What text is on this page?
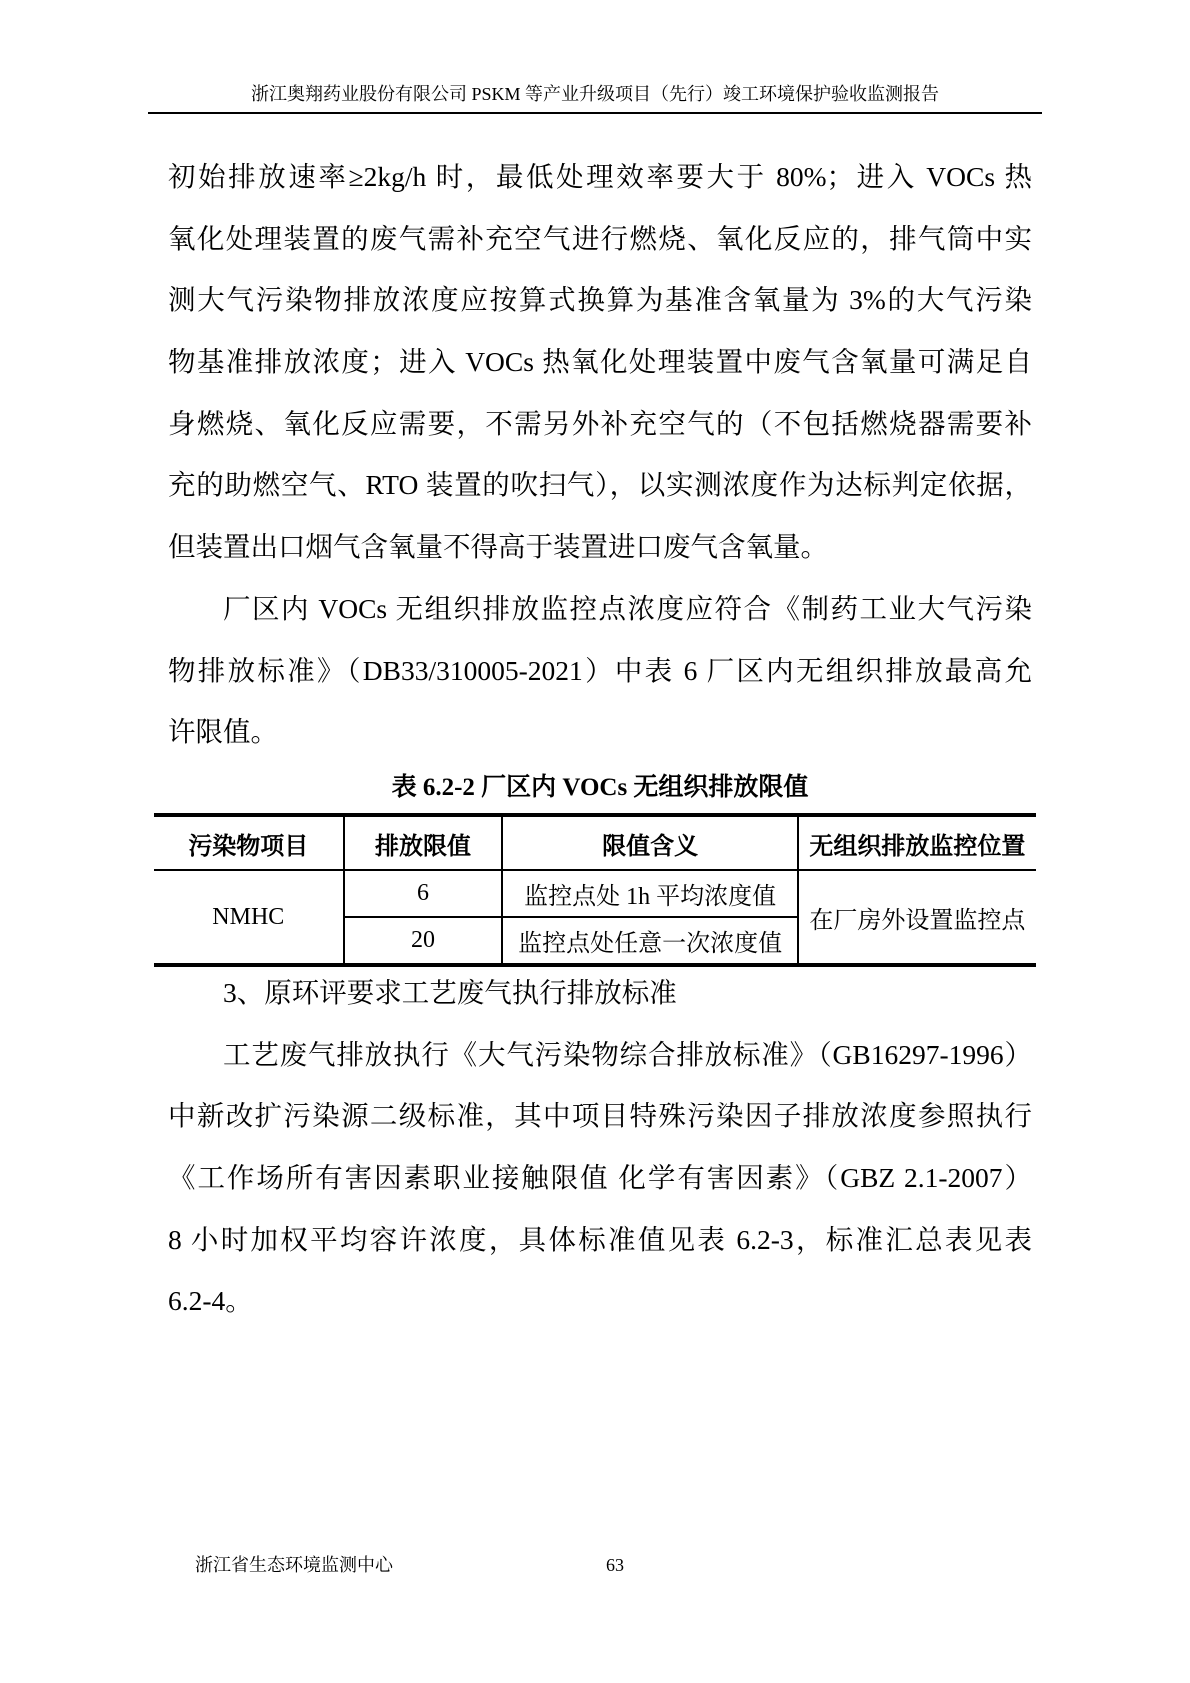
浙江奥翔药业股份有限公司 PSKM 等产业升级项目（先行）竣工环境保护验收监测报告
初始排放速率≥2kg/h 时，最低处理效率要大于 80%；进入 VOCs 热
氧化处理装置的废气需补充空气进行燃烧、氧化反应的，排气筒中实
测大气污染物排放浓度应按算式换算为基准含氧量为 3%的大气污染
物基准排放浓度；进入 VOCs 热氧化处理装置中废气含氧量可满足自
身燃烧、氧化反应需要，不需另外补充空气的（不包括燃烧器需要补
充的助燃空气、RTO 装置的吹扫气），以实测浓度作为达标判定依据，
但装置出口烟气含氧量不得高于装置进口废气含氧量。
厂区内 VOCs 无组织排放监控点浓度应符合《制药工业大气污染
物排放标准》（DB33/310005-2021）中表 6 厂区内无组织排放最高允
许限值。
表 6.2-2 厂区内 VOCs 无组织排放限值
污染物项目	排放限值	限值含义	无组织排放监控位置
NMHC	6	监控点处 1h 平均浓度值	在厂房外设置监控点
	20	监控点处任意一次浓度值	
3、原环评要求工艺废气执行排放标准
工艺废气排放执行《大气污染物综合排放标准》（GB16297-1996）
中新改扩污染源二级标准，其中项目特殊污染因子排放浓度参照执行
《工作场所有害因素职业接触限值 化学有害因素》（GBZ 2.1-2007）
8 小时加权平均容许浓度，具体标准值见表 6.2-3，标准汇总表见表
6.2-4。
浙江省生态环境监测中心	63
